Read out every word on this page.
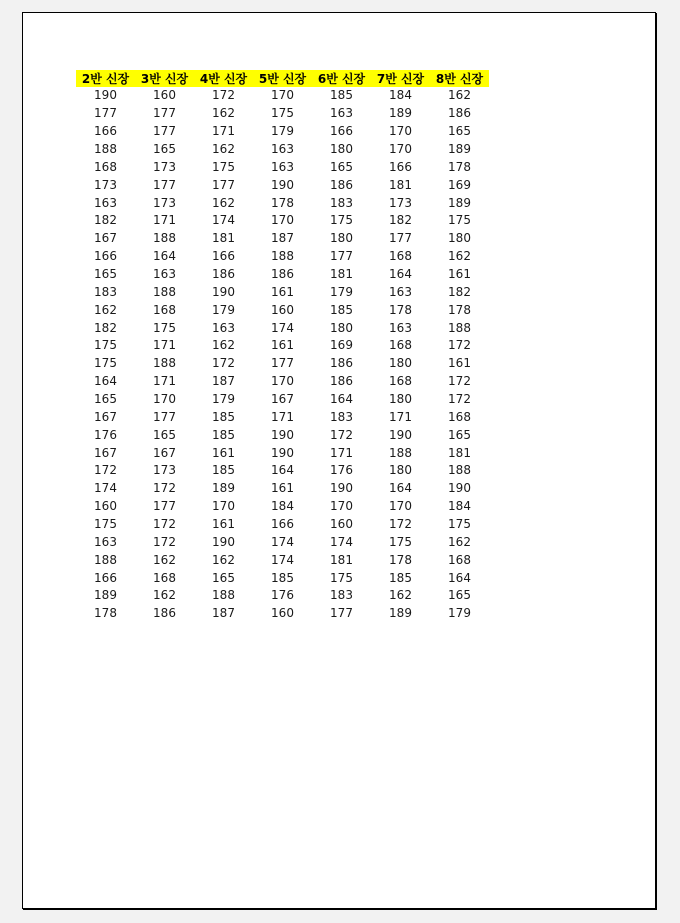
2반 신장	3반 신장	4반 신장	5반 신장	6반 신장	7반 신장	8반 신장
190	160	172	170	185	184	162
177	177	162	175	163	189	186
166	177	171	179	166	170	165
188	165	162	163	180	170	189
168	173	175	163	165	166	178
173	177	177	190	186	181	169
163	173	162	178	183	173	189
182	171	174	170	175	182	175
167	188	181	187	180	177	180
166	164	166	188	177	168	162
165	163	186	186	181	164	161
183	188	190	161	179	163	182
162	168	179	160	185	178	178
182	175	163	174	180	163	188
175	171	162	161	169	168	172
175	188	172	177	186	180	161
164	171	187	170	186	168	172
165	170	179	167	164	180	172
167	177	185	171	183	171	168
176	165	185	190	172	190	165
167	167	161	190	171	188	181
172	173	185	164	176	180	188
174	172	189	161	190	164	190
160	177	170	184	170	170	184
175	172	161	166	160	172	175
163	172	190	174	174	175	162
188	162	162	174	181	178	168
166	168	165	185	175	185	164
189	162	188	176	183	162	165
178	186	187	160	177	189	179
